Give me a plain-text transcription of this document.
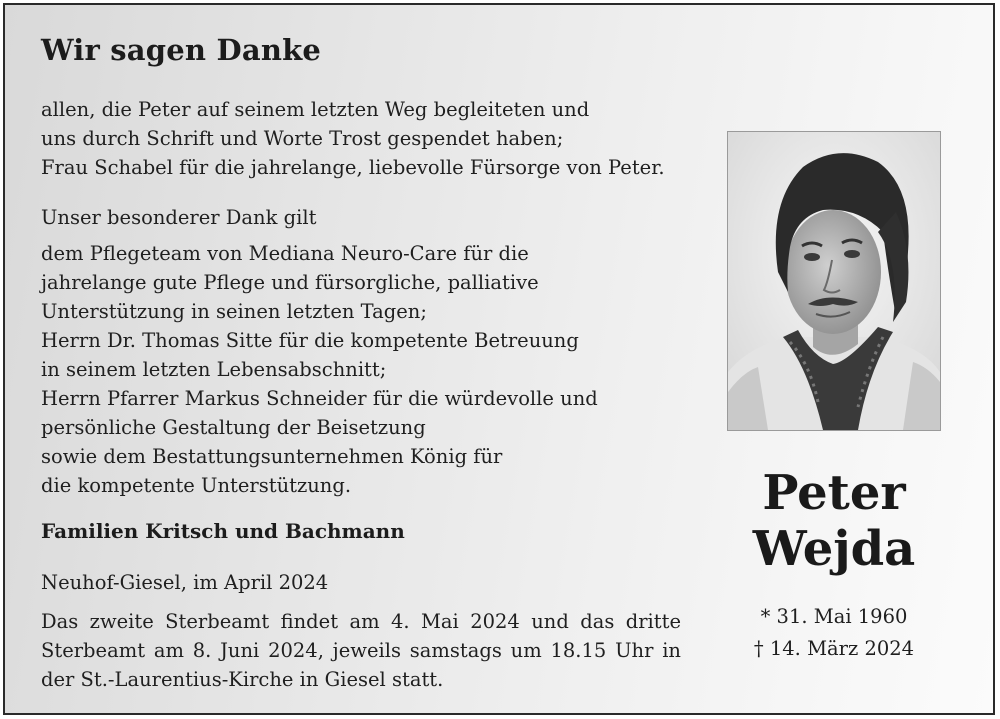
Wir sagen Danke

allen, die Peter auf seinem letzten Weg begleiteten und
uns durch Schrift und Worte Trost gespendet haben;
Frau Schabel für die jahrelange, liebevolle Fürsorge von Peter.

Unser besonderer Dank gilt

dem Pflegeteam von Mediana Neuro-Care für die
jahrelange gute Pflege und fürsorgliche, palliative
Unterstützung in seinen letzten Tagen;
Herrn Dr. Thomas Sitte für die kompetente Betreuung
in seinem letzten Lebensabschnitt;
Herrn Pfarrer Markus Schneider für die würdevolle und
persönliche Gestaltung der Beisetzung
sowie dem Bestattungsunternehmen König für
die kompetente Unterstützung.

Familien Kritsch und Bachmann
Neuhof-Giesel, im April 2024
Das zweite Sterbeamt findet am 4. Mai 2024 und das dritte Sterbeamt am 8. Juni 2024, jeweils samstags um 18.15 Uhr in der St.-Laurentius-Kirche in Giesel statt.
Peter
Wejda
* 31. Mai 1960
† 14. März 2024
